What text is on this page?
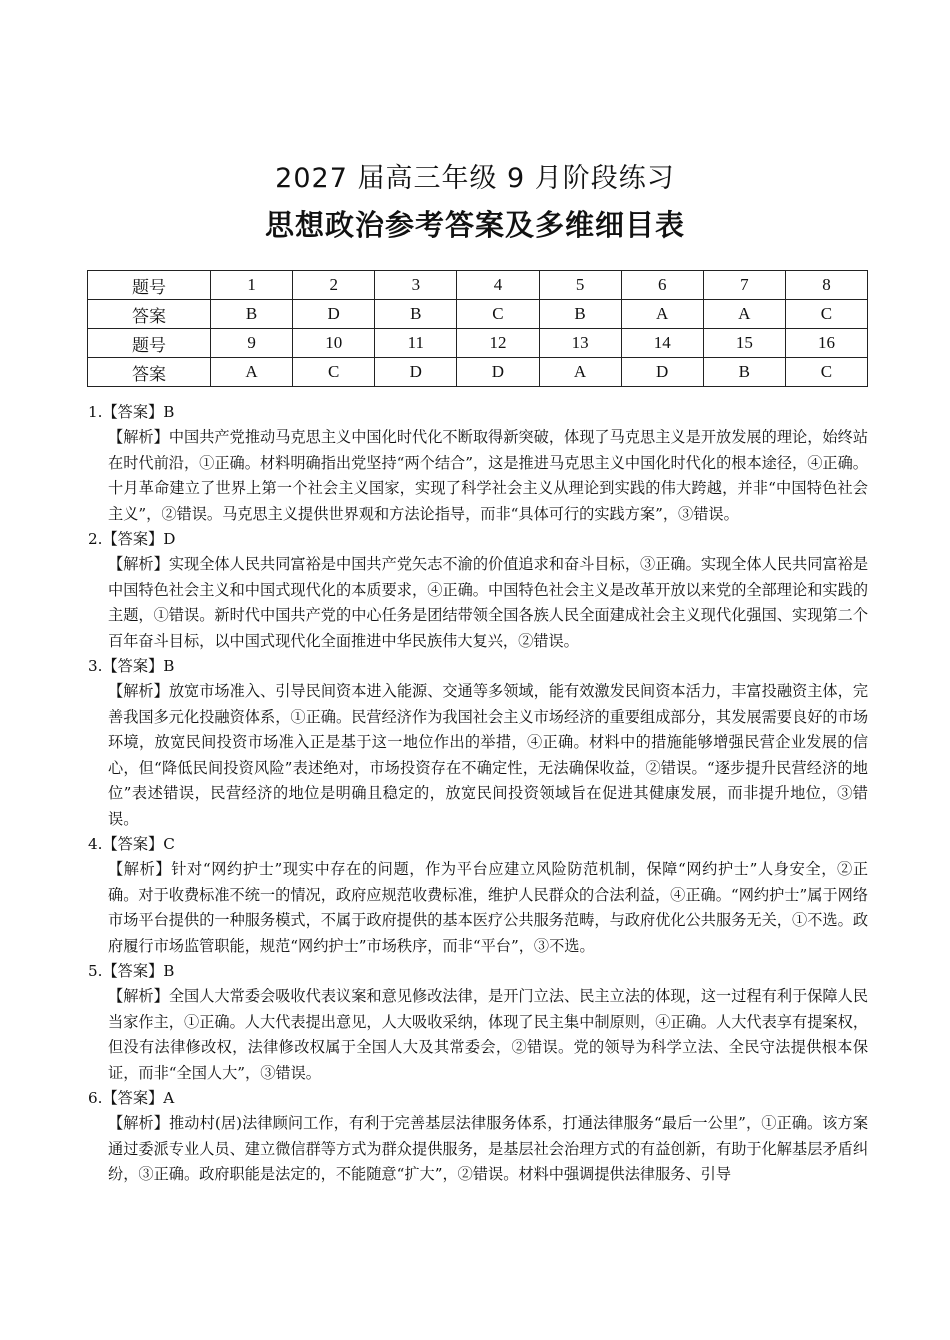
2027 届高三年级 9 月阶段练习
思想政治参考答案及多维细目表
题号	1	2	3	4	5	6	7	8
答案	B	D	B	C	B	A	A	C
题号	9	10	11	12	13	14	15	16
答案	A	C	D	D	A	D	B	C

1.【答案】B

【解析】中国共产党推动马克思主义中国化时代化不断取得新突破，体现了马克思主义是开放发展的理论，始终站在时代前沿，①正确。材料明确指出党坚持“两个结合”，这是推进马克思主义中国化时代化的根本途径，④正确。十月革命建立了世界上第一个社会主义国家，实现了科学社会主义从理论到实践的伟大跨越，并非“中国特色社会主义”，②错误。马克思主义提供世界观和方法论指导，而非“具体可行的实践方案”，③错误。

2.【答案】D

【解析】实现全体人民共同富裕是中国共产党矢志不渝的价值追求和奋斗目标，③正确。实现全体人民共同富裕是中国特色社会主义和中国式现代化的本质要求，④正确。中国特色社会主义是改革开放以来党的全部理论和实践的主题，①错误。新时代中国共产党的中心任务是团结带领全国各族人民全面建成社会主义现代化强国、实现第二个百年奋斗目标，以中国式现代化全面推进中华民族伟大复兴，②错误。

3.【答案】B

【解析】放宽市场准入、引导民间资本进入能源、交通等多领域，能有效激发民间资本活力，丰富投融资主体，完善我国多元化投融资体系，①正确。民营经济作为我国社会主义市场经济的重要组成部分，其发展需要良好的市场环境，放宽民间投资市场准入正是基于这一地位作出的举措，④正确。材料中的措施能够增强民营企业发展的信心，但“降低民间投资风险”表述绝对，市场投资存在不确定性，无法确保收益，②错误。“逐步提升民营经济的地位”表述错误，民营经济的地位是明确且稳定的，放宽民间投资领域旨在促进其健康发展，而非提升地位，③错误。

4.【答案】C

【解析】针对“网约护士”现实中存在的问题，作为平台应建立风险防范机制，保障“网约护士”人身安全，②正确。对于收费标准不统一的情况，政府应规范收费标准，维护人民群众的合法利益，④正确。“网约护士”属于网络市场平台提供的一种服务模式，不属于政府提供的基本医疗公共服务范畴，与政府优化公共服务无关，①不选。政府履行市场监管职能，规范“网约护士”市场秩序，而非“平台”，③不选。

5.【答案】B

【解析】全国人大常委会吸收代表议案和意见修改法律，是开门立法、民主立法的体现，这一过程有利于保障人民当家作主，①正确。人大代表提出意见，人大吸收采纳，体现了民主集中制原则，④正确。人大代表享有提案权，但没有法律修改权，法律修改权属于全国人大及其常委会，②错误。党的领导为科学立法、全民守法提供根本保证，而非“全国人大”，③错误。

6.【答案】A

【解析】推动村(居)法律顾问工作，有利于完善基层法律服务体系，打通法律服务“最后一公里”，①正确。该方案通过委派专业人员、建立微信群等方式为群众提供服务，是基层社会治理方式的有益创新，有助于化解基层矛盾纠纷，③正确。政府职能是法定的，不能随意“扩大”，②错误。材料中强调提供法律服务、引导
